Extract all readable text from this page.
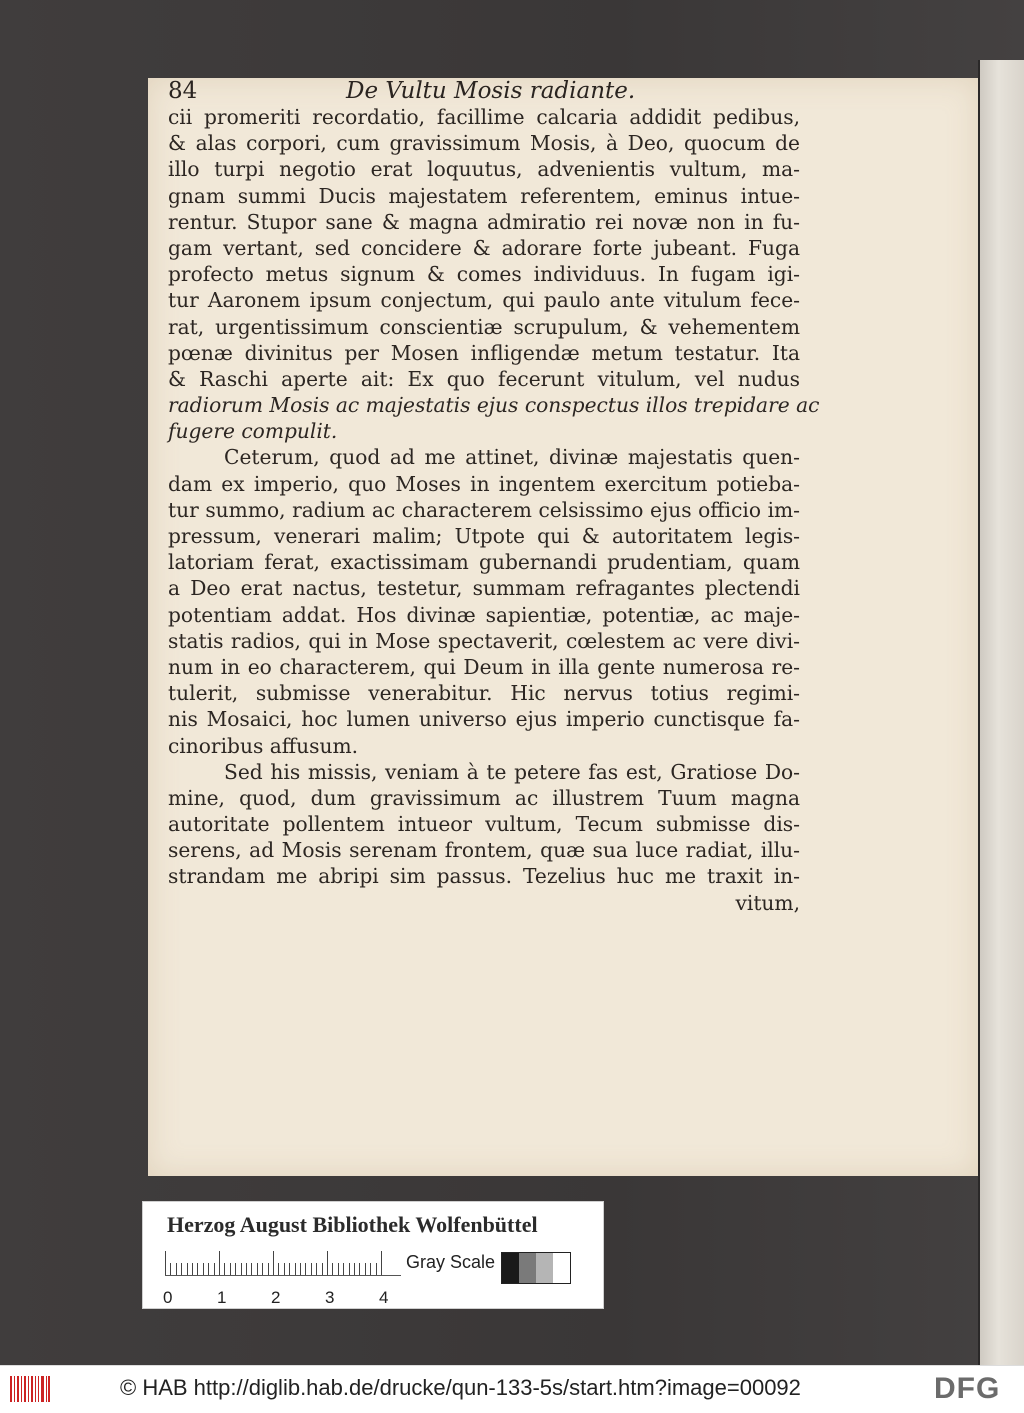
84	De Vultu Mosis radiante.
cii promeriti recordatio, facillime calcaria addidit pedibus,
& alas corpori, cum gravissimum Mosis, à Deo, quocum de
illo turpi negotio erat loquutus, advenientis vultum, ma-
gnam summi Ducis majestatem referentem, eminus intue-
rentur. Stupor sane & magna admiratio rei novæ non in fu-
gam vertant, sed concidere & adorare forte jubeant. Fuga
profecto metus signum & comes individuus. In fugam igi-
tur Aaronem ipsum conjectum, qui paulo ante vitulum fece-
rat, urgentissimum conscientiæ scrupulum, & vehementem
pœnæ divinitus per Mosen infligendæ metum testatur. Ita
& Raschi aperte ait: Ex quo fecerunt vitulum, vel nudus
radiorum Mosis ac majestatis ejus conspectus illos trepidare ac
fugere compulit.
Ceterum, quod ad me attinet, divinæ majestatis quen-
dam ex imperio, quo Moses in ingentem exercitum potieba-
tur summo, radium ac characterem celsissimo ejus officio im-
pressum, venerari malim; Utpote qui & autoritatem legis-
latoriam ferat, exactissimam gubernandi prudentiam, quam
a Deo erat nactus, testetur, summam refragantes plectendi
potentiam addat. Hos divinæ sapientiæ, potentiæ, ac maje-
statis radios, qui in Mose spectaverit, cœlestem ac vere divi-
num in eo characterem, qui Deum in illa gente numerosa re-
tulerit, submisse venerabitur. Hic nervus totius regimi-
nis Mosaici, hoc lumen universo ejus imperio cunctisque fa-
cinoribus affusum.
Sed his missis, veniam à te petere fas est, Gratiose Do-
mine, quod, dum gravissimum ac illustrem Tuum magna
autoritate pollentem intueor vultum, Tecum submisse dis-
serens, ad Mosis serenam frontem, quæ sua luce radiat, illu-
strandam me abripi sim passus. Tezelius huc me traxit in-
vitum,
Herzog August Bibliothek Wolfenbüttel
0	1	2	3	4
Gray Scale
© HAB http://diglib.hab.de/drucke/qun-133-5s/start.htm?image=00092	DFG
